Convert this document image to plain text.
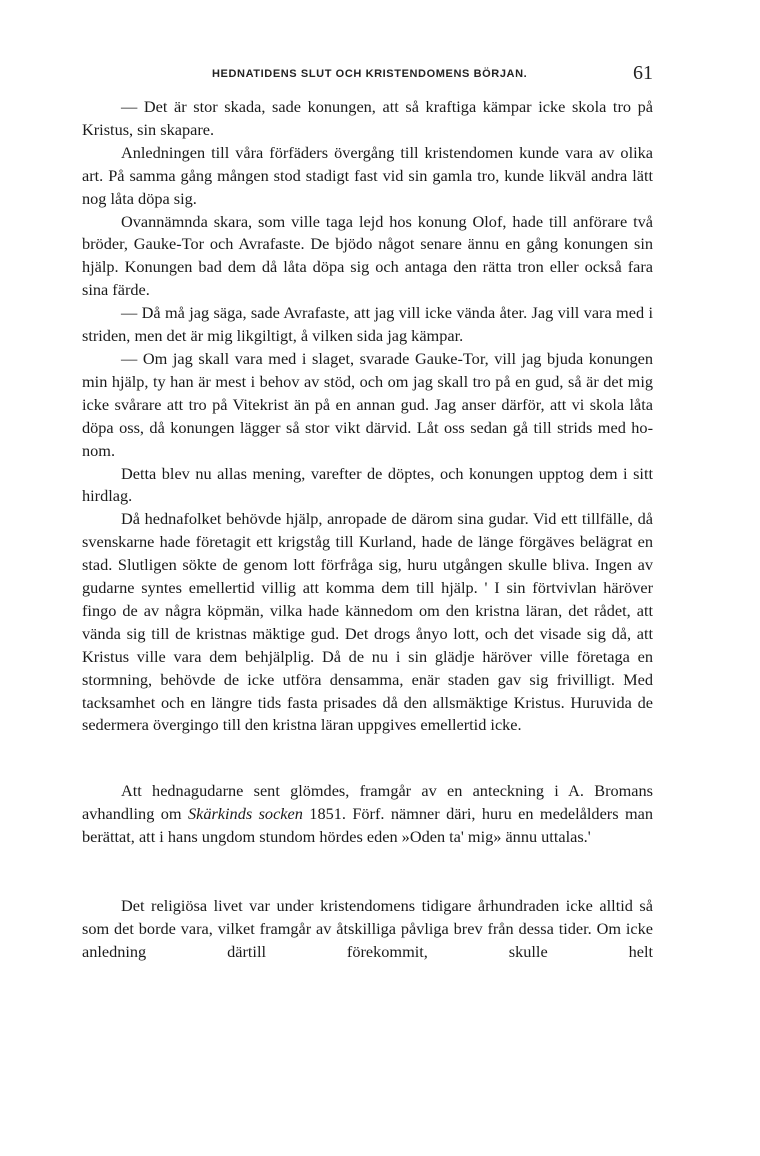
HEDNATIDENS SLUT OCH KRISTENDOMENS BÖRJAN.	61

— Det är stor skada, sade konungen, att så kraftiga kämpar icke skola tro på Kristus, sin skapare.

Anledningen till våra förfäders övergång till kristendomen kunde vara av olika art. På samma gång mången stod stadigt fast vid sin gamla tro, kunde likväl andra lätt nog låta döpa sig.

Ovannämnda skara, som ville taga lejd hos konung Olof, hade till anförare två bröder, Gauke-Tor och Avrafaste. De bjödo något senare ännu en gång konungen sin hjälp. Konungen bad dem då låta döpa sig och antaga den rätta tron eller också fara sina färde.

— Då må jag säga, sade Avrafaste, att jag vill icke vända åter. Jag vill vara med i striden, men det är mig likgiltigt, å vilken sida jag kämpar.

— Om jag skall vara med i slaget, svarade Gauke-Tor, vill jag bjuda konungen min hjälp, ty han är mest i behov av stöd, och om jag skall tro på en gud, så är det mig icke svårare att tro på Vitekrist än på en annan gud. Jag anser därför, att vi skola låta döpa oss, då konungen lägger så stor vikt därvid. Låt oss sedan gå till strids med honom.

Detta blev nu allas mening, varefter de döptes, och konungen upptog dem i sitt hirdlag.

Då hednafolket behövde hjälp, anropade de därom sina gudar. Vid ett tillfälle, då svenskarne hade företagit ett krigståg till Kurland, hade de länge förgäves belägrat en stad. Slutligen sökte de genom lott förfråga sig, huru utgången skulle bliva. Ingen av gudarne syntes emellertid villig att komma dem till hjälp. ' I sin förtvivlan häröver fingo de av några köpmän, vilka hade kännedom om den kristna läran, det rådet, att vända sig till de kristnas mäktige gud. Det drogs ånyo lott, och det visade sig då, att Kristus ville vara dem behjälplig. Då de nu i sin glädje häröver ville företaga en stormning, behövde de icke utföra densamma, enär staden gav sig frivilligt. Med tacksamhet och en längre tids fasta prisades då den allsmäktige Kristus. Huruvida de sedermera övergingo till den kristna läran uppgives emellertid icke.

Att hednagudarne sent glömdes, framgår av en anteckning i A. Bromans avhandling om Skärkinds socken 1851. Förf. nämner däri, huru en medelålders man berättat, att i hans ungdom stundom hördes eden »Oden ta' mig» ännu uttalas.'

Det religiösa livet var under kristendomens tidigare århundraden icke alltid så som det borde vara, vilket framgår av åtskilliga påvliga brev från dessa tider. Om icke anledning därtill förekommit, skulle helt
